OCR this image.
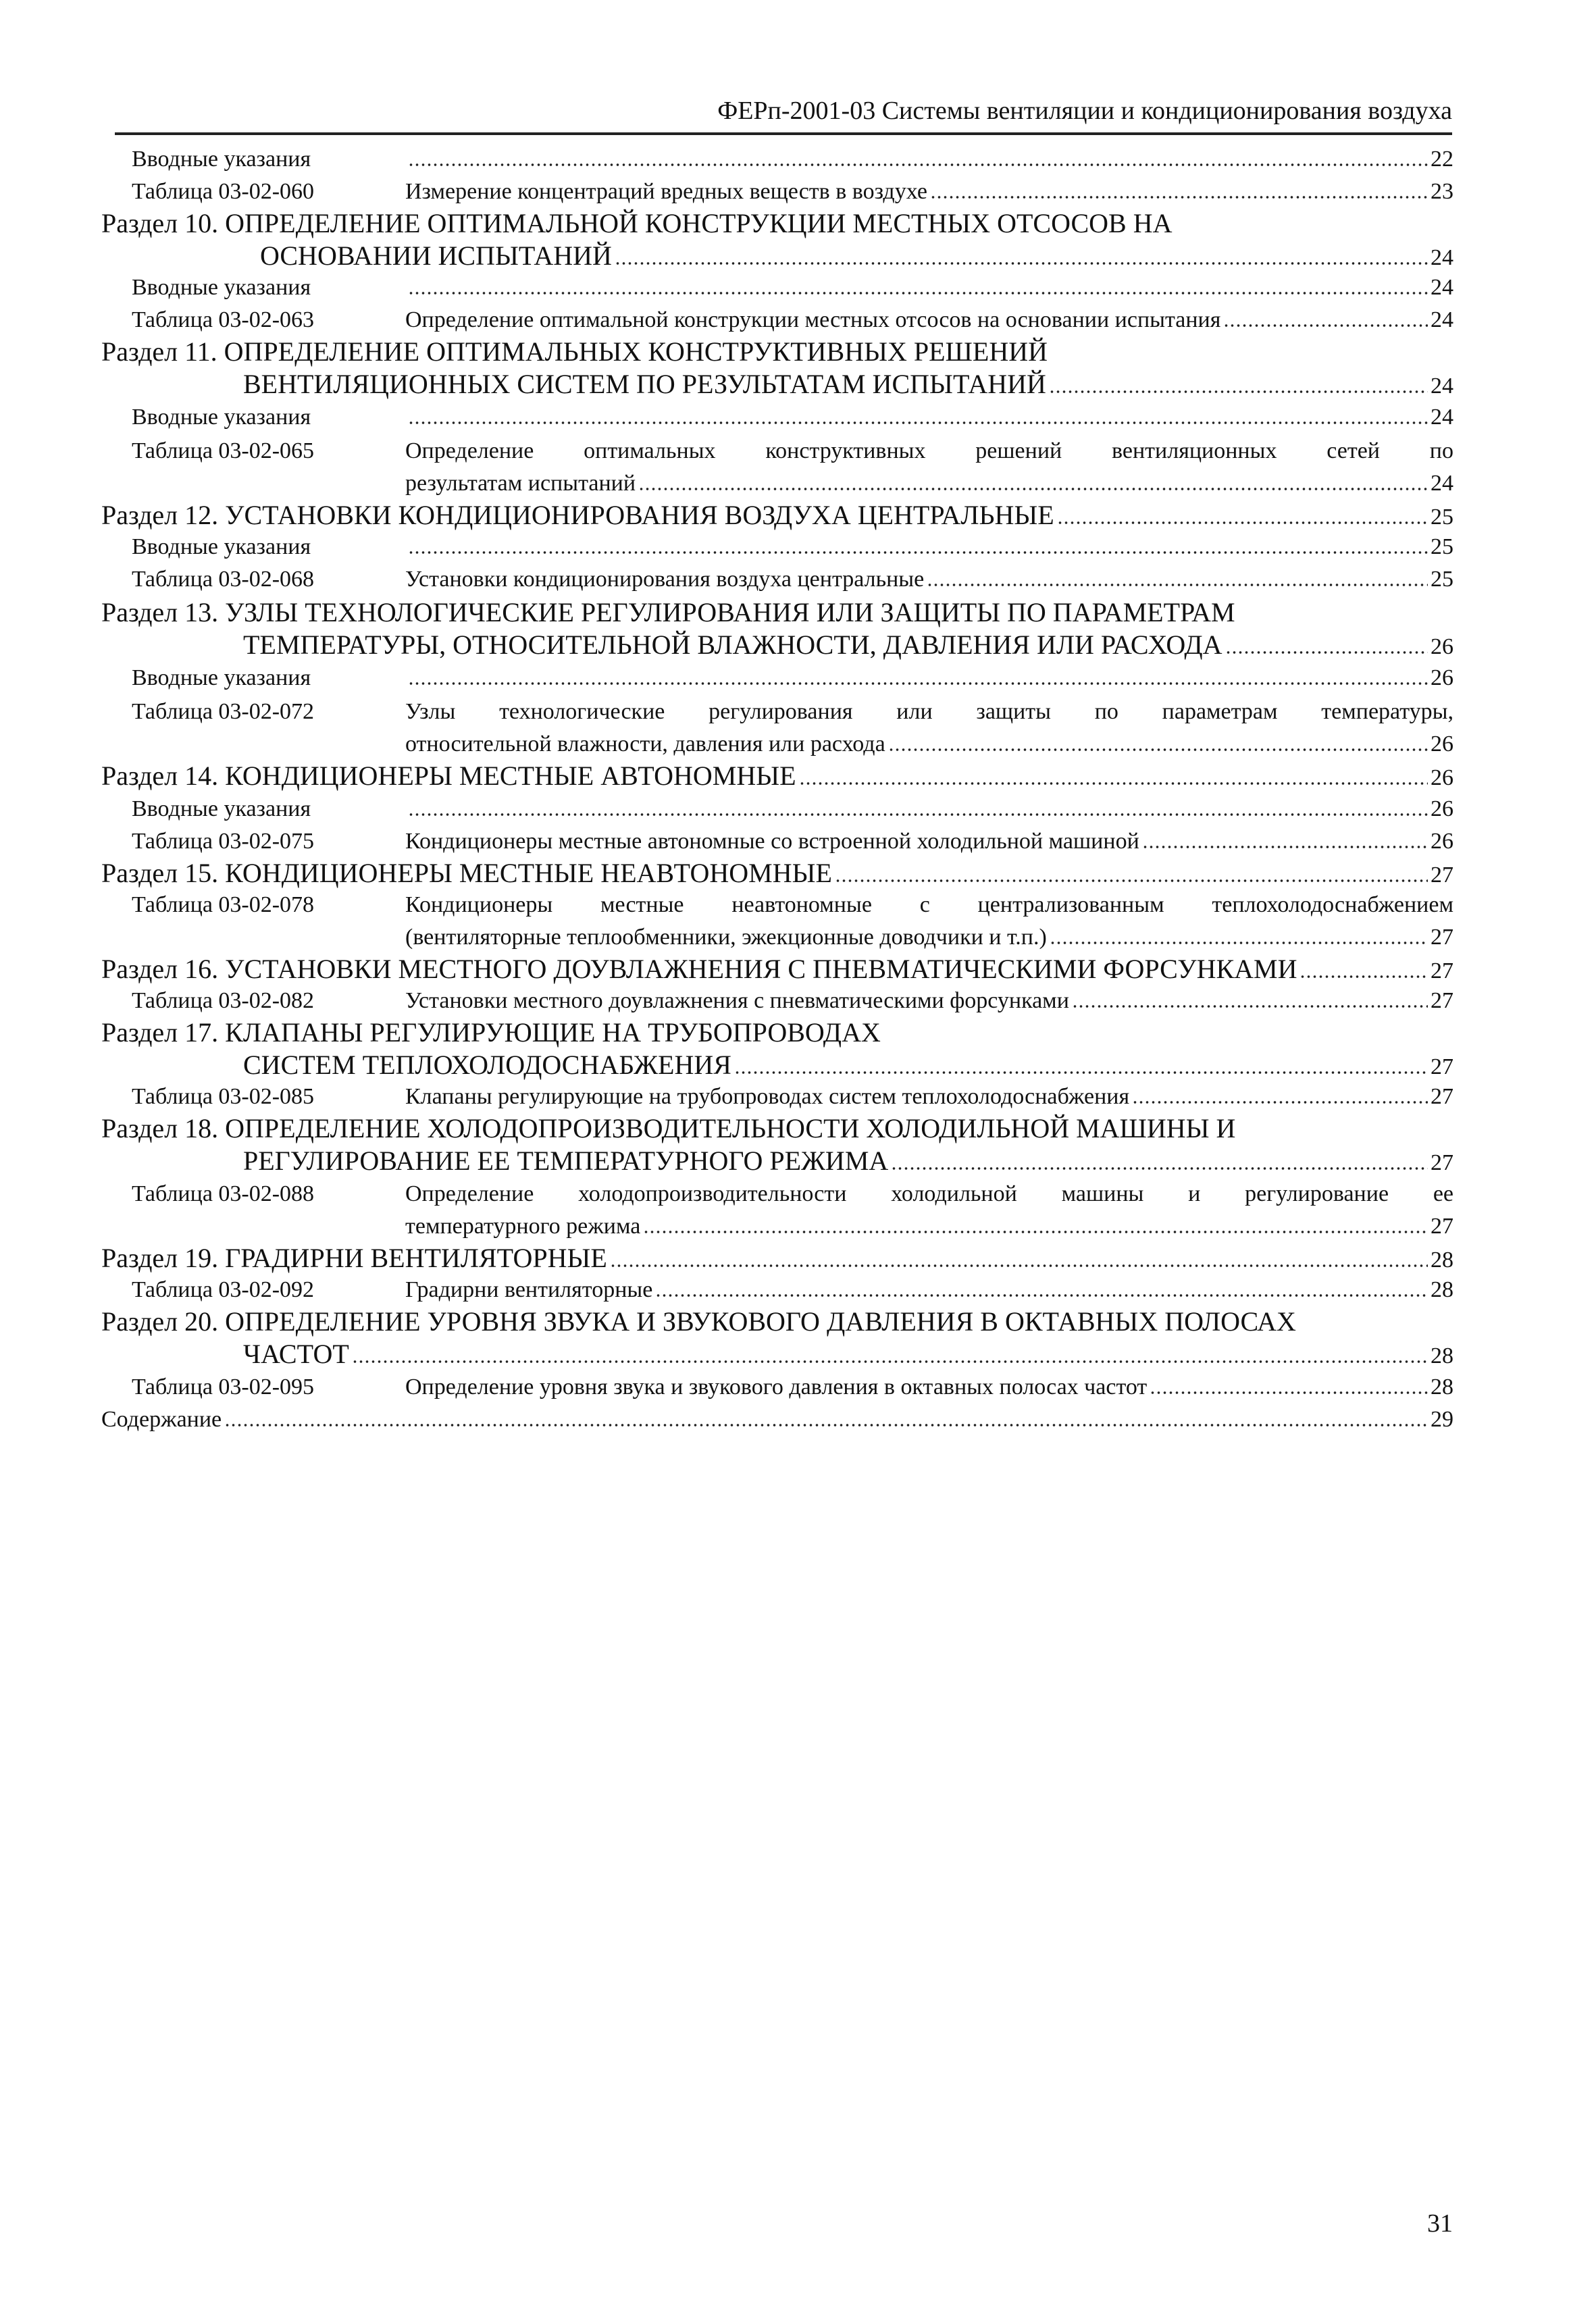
ФЕРп-2001-03 Системы вентиляции и кондиционирования воздуха
Вводные указания	22
Таблица 03-02-060	Измерение концентраций вредных веществ в воздухе	23
Раздел 10. ОПРЕДЕЛЕНИЕ ОПТИМАЛЬНОЙ КОНСТРУКЦИИ МЕСТНЫХ ОТСОСОВ НА
ОСНОВАНИИ ИСПЫТАНИЙ	24
Вводные указания	24
Таблица 03-02-063	Определение оптимальной конструкции местных отсосов на основании испытания	24
Раздел 11. ОПРЕДЕЛЕНИЕ ОПТИМАЛЬНЫХ КОНСТРУКТИВНЫХ РЕШЕНИЙ
ВЕНТИЛЯЦИОННЫХ СИСТЕМ ПО РЕЗУЛЬТАТАМ ИСПЫТАНИЙ	24
Вводные указания	24
Таблица 03-02-065	Определение оптимальных конструктивных решений вентиляционных сетей по
результатам испытаний	24
Раздел 12. УСТАНОВКИ КОНДИЦИОНИРОВАНИЯ ВОЗДУХА ЦЕНТРАЛЬНЫЕ	25
Вводные указания	25
Таблица 03-02-068	Установки кондиционирования воздуха центральные	25
Раздел 13. УЗЛЫ ТЕХНОЛОГИЧЕСКИЕ РЕГУЛИРОВАНИЯ ИЛИ ЗАЩИТЫ ПО ПАРАМЕТРАМ
ТЕМПЕРАТУРЫ, ОТНОСИТЕЛЬНОЙ ВЛАЖНОСТИ, ДАВЛЕНИЯ ИЛИ РАСХОДА	26
Вводные указания	26
Таблица 03-02-072	Узлы технологические регулирования или защиты по параметрам температуры,
относительной влажности, давления или расхода	26
Раздел 14. КОНДИЦИОНЕРЫ МЕСТНЫЕ АВТОНОМНЫЕ	26
Вводные указания	26
Таблица 03-02-075	Кондиционеры местные автономные со встроенной холодильной машиной	26
Раздел 15. КОНДИЦИОНЕРЫ МЕСТНЫЕ НЕАВТОНОМНЫЕ	27
Таблица 03-02-078	Кондиционеры местные неавтономные с централизованным теплохолодоснабжением
(вентиляторные теплообменники, эжекционные доводчики и т.п.)	27
Раздел 16. УСТАНОВКИ МЕСТНОГО ДОУВЛАЖНЕНИЯ С ПНЕВМАТИЧЕСКИМИ ФОРСУНКАМИ	27
Таблица 03-02-082	Установки местного доувлажнения с пневматическими форсунками	27
Раздел 17. КЛАПАНЫ РЕГУЛИРУЮЩИЕ НА ТРУБОПРОВОДАХ
СИСТЕМ ТЕПЛОХОЛОДОСНАБЖЕНИЯ	27
Таблица 03-02-085	Клапаны регулирующие на трубопроводах систем теплохолодоснабжения	27
Раздел 18. ОПРЕДЕЛЕНИЕ ХОЛОДОПРОИЗВОДИТЕЛЬНОСТИ ХОЛОДИЛЬНОЙ МАШИНЫ И
РЕГУЛИРОВАНИЕ ЕЕ ТЕМПЕРАТУРНОГО РЕЖИМА	27
Таблица 03-02-088	Определение холодопроизводительности холодильной машины и регулирование ее
температурного режима	27
Раздел 19. ГРАДИРНИ ВЕНТИЛЯТОРНЫЕ	28
Таблица 03-02-092	Градирни вентиляторные	28
Раздел 20. ОПРЕДЕЛЕНИЕ УРОВНЯ ЗВУКА И ЗВУКОВОГО ДАВЛЕНИЯ В ОКТАВНЫХ ПОЛОСАХ
ЧАСТОТ	28
Таблица 03-02-095	Определение уровня звука и звукового давления в октавных полосах частот	28
Содержание	29
31
